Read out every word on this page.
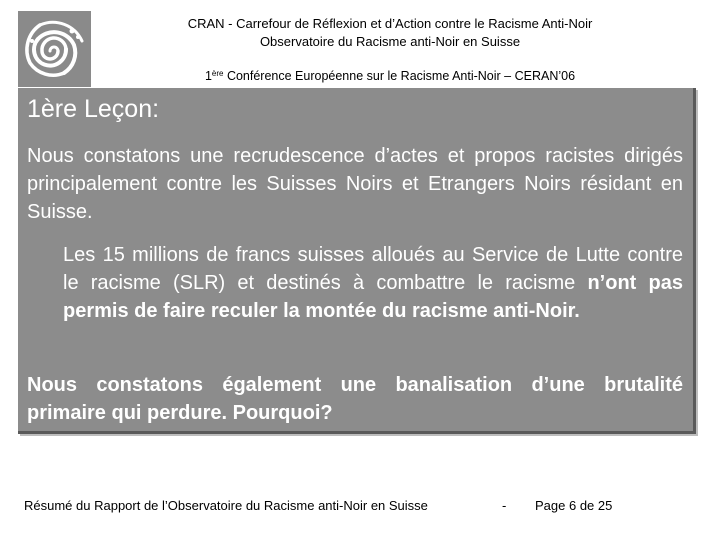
CRAN - Carrefour de Réflexion et d’Action contre le Racisme Anti-Noir
Observatoire du Racisme anti-Noir en Suisse
1ère Conférence Européenne sur le Racisme Anti-Noir – CERAN’06
1ère Leçon:
Nous constatons une recrudescence d’actes et propos racistes dirigés principalement contre les Suisses Noirs et Etrangers Noirs résidant en Suisse.
Les 15 millions de francs suisses alloués au Service de Lutte contre le racisme (SLR) et destinés à combattre le racisme n’ont pas permis de faire reculer la montée du racisme anti-Noir.
Nous constatons également une banalisation d’une brutalité primaire qui perdure. Pourquoi?
Résumé du Rapport de l’Observatoire du Racisme anti-Noir en Suisse	- Page 6 de 25
